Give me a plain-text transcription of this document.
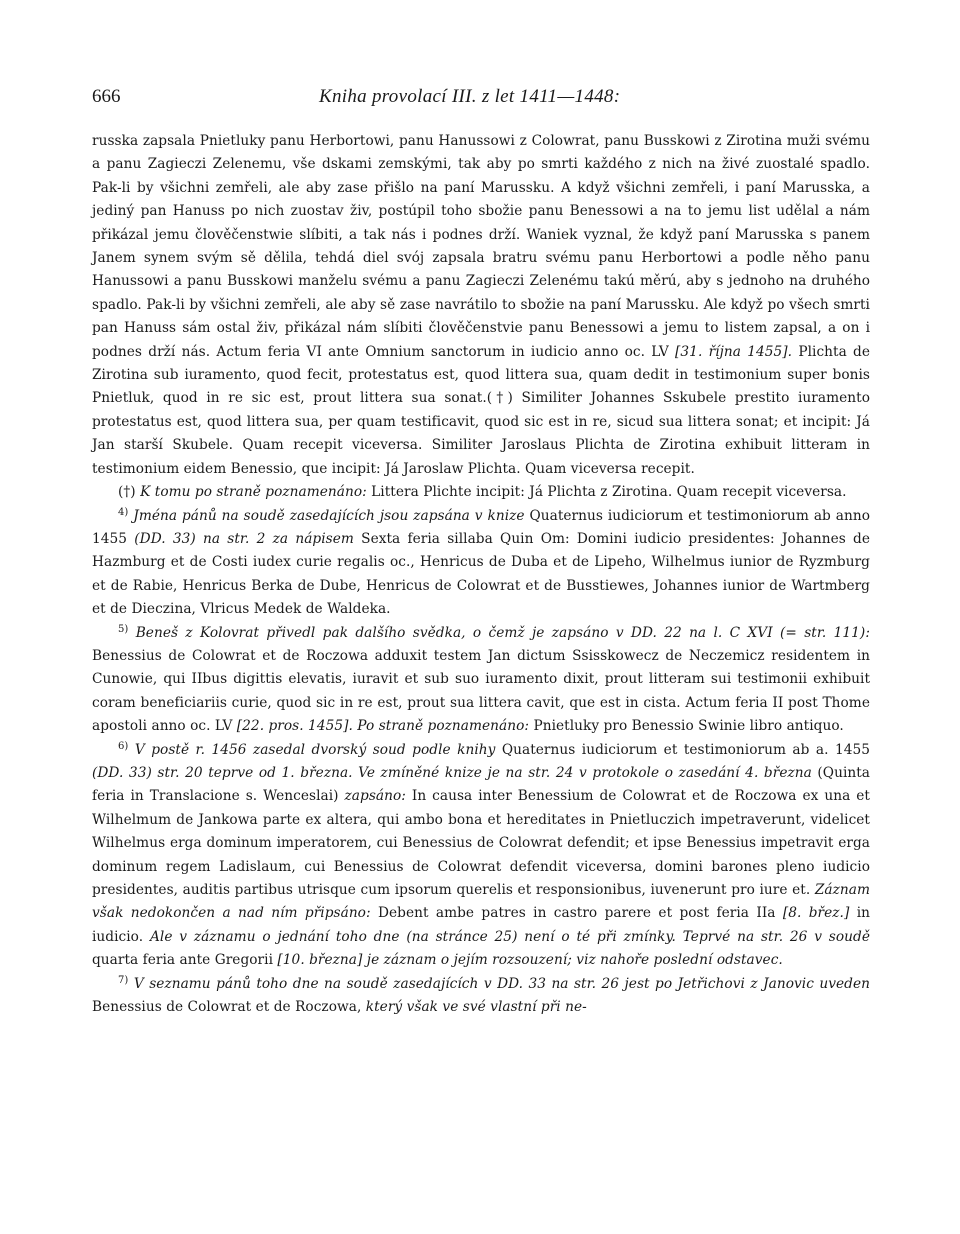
666	Kniha provolací III. z let 1411—1448:

russka zapsala Pnietluky panu Herbortowi, panu Hanussowi z Colowrat, panu Busskowi z Zirotina muži svému a panu Zagieczi Zelenemu, vše dskami zemskými, tak aby po smrti každého z nich na živé zuostalé spadlo. Pak-li by všichni zemřeli, ale aby zase přišlo na paní Marussku. A když všichni zemřeli, i paní Marusska, a jediný pan Hanuss po nich zuostav živ, postúpil toho sbožie panu Benessowi a na to jemu list udělal a nám přikázal jemu člověčenstwie slíbiti, a tak nás i podnes drží. Waniek vyznal, že když paní Marusska s panem Janem synem svým sě dělila, tehdá diel svój zapsala bratru svému panu Herbortowi a podle něho panu Hanussowi a panu Busskowi manželu svému a panu Zagieczi Zelenému takú měrú, aby s jednoho na druhého spadlo. Pak-li by všichni zemřeli, ale aby sě zase navrátilo to sbožie na paní Marussku. Ale když po všech smrti pan Hanuss sám ostal živ, přikázal nám slíbiti člověčenstvie panu Benessowi a jemu to listem zapsal, a on i podnes drží nás. Actum feria VI ante Omnium sanctorum in iudicio anno oc. LV [31. října 1455]. Plichta de Zirotina sub iuramento, quod fecit, protestatus est, quod littera sua, quam dedit in testimonium super bonis Pnietluk, quod in re sic est, prout littera sua sonat.(†) Similiter Johannes Sskubele prestito iuramento protestatus est, quod littera sua, per quam testificavit, quod sic est in re, sicud sua littera sonat; et incipit: Já Jan starší Skubele. Quam recepit viceversa. Similiter Jaroslaus Plichta de Zirotina exhibuit litteram in testimonium eidem Benessio, que incipit: Já Jaroslaw Plichta. Quam viceversa recepit.

(†) K tomu po straně poznamenáno: Littera Plichte incipit: Já Plichta z Zirotina. Quam recepit viceversa.

$^{4)}$ Jména pánů na soudě zasedajících jsou zapsána v knize Quaternus iudiciorum et testimoniorum ab anno 1455 (DD. 33) na str. 2 za nápisem Sexta feria sillaba Quin Om: Domini iudicio presidentes: Johannes de Hazmburg et de Costi iudex curie regalis oc., Henricus de Duba et de Lipeho, Wilhelmus iunior de Ryzmburg et de Rabie, Henricus Berka de Dube, Henricus de Colowrat et de Busstiewes, Johannes iunior de Wartmberg et de Dieczina, Vlricus Medek de Waldeka.

$^{5)}$ Beneš z Kolovrat přivedl pak dalšího svědka, o čemž je zapsáno v DD. 22 na l. C XVI (= str. 111): Benessius de Colowrat et de Roczowa adduxit testem Jan dictum Ssisskowecz de Neczemicz residentem in Cunowie, qui IIbus digittis elevatis, iuravit et sub suo iuramento dixit, prout litteram sui testimonii exhibuit coram beneficiariis curie, quod sic in re est, prout sua littera cavit, que est in cista. Actum feria II post Thome apostoli anno oc. LV [22. pros. 1455]. Po straně poznamenáno: Pnietluky pro Benessio Swinie libro antiquo.

$^{6)}$ V postě r. 1456 zasedal dvorský soud podle knihy Quaternus iudiciorum et testimoniorum ab a. 1455 (DD. 33) str. 20 teprve od 1. března. Ve zmíněné knize je na str. 24 v protokole o zasedání 4. března (Quinta feria in Translacione s. Wenceslai) zapsáno: In causa inter Benessium de Colowrat et de Roczowa ex una et Wilhelmum de Jankowa parte ex altera, qui ambo bona et hereditates in Pnietluczich impetraverunt, videlicet Wilhelmus erga dominum imperatorem, cui Benessius de Colowrat defendit; et ipse Benessius impetravit erga dominum regem Ladislaum, cui Benessius de Colowrat defendit viceversa, domini barones pleno iudicio presidentes, auditis partibus utrisque cum ipsorum querelis et responsionibus, iuvenerunt pro iure et. Záznam však nedokončen a nad ním připsáno: Debent ambe patres in castro parere et post feria IIa [8. břez.] in iudicio. Ale v záznamu o jednání toho dne (na stránce 25) není o té při zmínky. Teprvé na str. 26 v soudě quarta feria ante Gregorii [10. března] je záznam o jejím rozsouzení; viz nahoře poslední odstavec.

$^{7)}$ V seznamu pánů toho dne na soudě zasedajících v DD. 33 na str. 26 jest po Jetřichovi z Janovic uveden Benessius de Colowrat et de Roczowa, který však ve své vlastní při ne-
